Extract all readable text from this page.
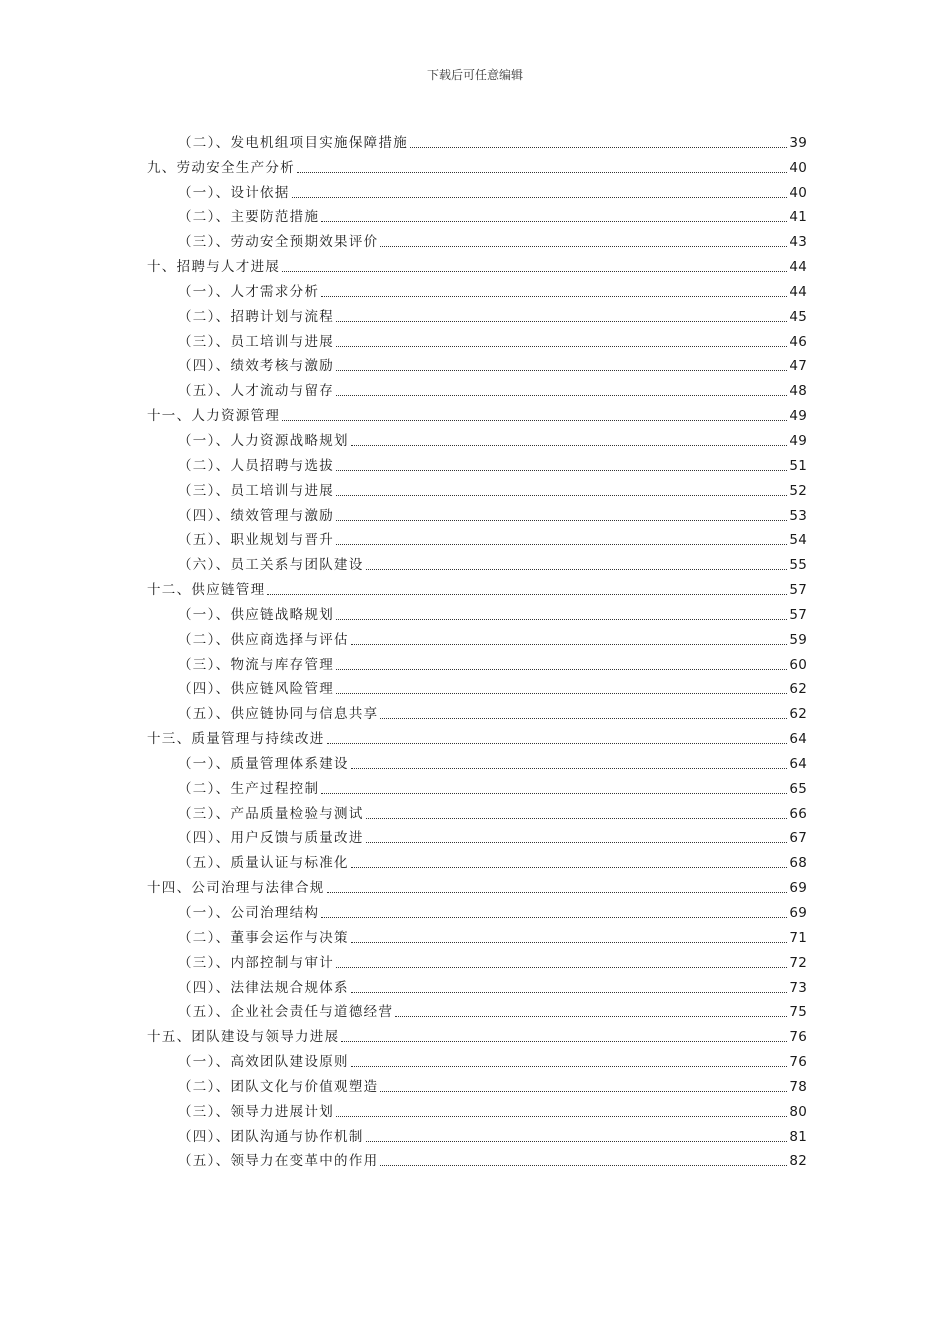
下载后可任意编辑
（二）、发电机组项目实施保障措施	39
九、劳动安全生产分析	40
（一）、设计依据	40
（二）、主要防范措施	41
（三）、劳动安全预期效果评价	43
十、招聘与人才进展	44
（一）、人才需求分析	44
（二）、招聘计划与流程	45
（三）、员工培训与进展	46
（四）、绩效考核与激励	47
（五）、人才流动与留存	48
十一、人力资源管理	49
（一）、人力资源战略规划	49
（二）、人员招聘与选拔	51
（三）、员工培训与进展	52
（四）、绩效管理与激励	53
（五）、职业规划与晋升	54
（六）、员工关系与团队建设	55
十二、供应链管理	57
（一）、供应链战略规划	57
（二）、供应商选择与评估	59
（三）、物流与库存管理	60
（四）、供应链风险管理	62
（五）、供应链协同与信息共享	62
十三、质量管理与持续改进	64
（一）、质量管理体系建设	64
（二）、生产过程控制	65
（三）、产品质量检验与测试	66
（四）、用户反馈与质量改进	67
（五）、质量认证与标准化	68
十四、公司治理与法律合规	69
（一）、公司治理结构	69
（二）、董事会运作与决策	71
（三）、内部控制与审计	72
（四）、法律法规合规体系	73
（五）、企业社会责任与道德经营	75
十五、团队建设与领导力进展	76
（一）、高效团队建设原则	76
（二）、团队文化与价值观塑造	78
（三）、领导力进展计划	80
（四）、团队沟通与协作机制	81
（五）、领导力在变革中的作用	82
